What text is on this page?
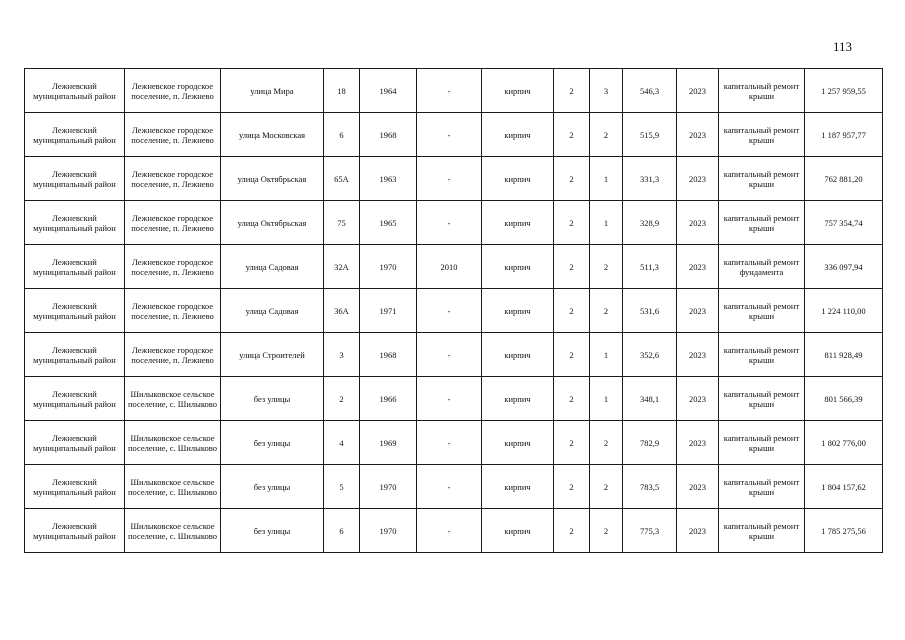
113
Лежневский муниципальный район	Лежневское городское поселение, п. Лежнево	улица Мира	18	1964	-	кирпич	2	3	546,3	2023	капитальный ремонт крыши	1 257 959,55
Лежневский муниципальный район	Лежневское городское поселение, п. Лежнево	улица Московская	6	1968	-	кирпич	2	2	515,9	2023	капитальный ремонт крыши	1 187 957,77
Лежневский муниципальный район	Лежневское городское поселение, п. Лежнево	улица Октябрьская	65А	1963	-	кирпич	2	1	331,3	2023	капитальный ремонт крыши	762 881,20
Лежневский муниципальный район	Лежневское городское поселение, п. Лежнево	улица Октябрьская	75	1965	-	кирпич	2	1	328,9	2023	капитальный ремонт крыши	757 354,74
Лежневский муниципальный район	Лежневское городское поселение, п. Лежнево	улица Садовая	32А	1970	2010	кирпич	2	2	511,3	2023	капитальный ремонт фундамента	336 097,94
Лежневский муниципальный район	Лежневское городское поселение, п. Лежнево	улица Садовая	36А	1971	-	кирпич	2	2	531,6	2023	капитальный ремонт крыши	1 224 110,00
Лежневский муниципальный район	Лежневское городское поселение, п. Лежнево	улица Строителей	3	1968	-	кирпич	2	1	352,6	2023	капитальный ремонт крыши	811 928,49
Лежневский муниципальный район	Шилыковское сельское поселение, с. Шилыково	без улицы	2	1966	-	кирпич	2	1	348,1	2023	капитальный ремонт крыши	801 566,39
Лежневский муниципальный район	Шилыковское сельское поселение, с. Шилыково	без улицы	4	1969	-	кирпич	2	2	782,9	2023	капитальный ремонт крыши	1 802 776,00
Лежневский муниципальный район	Шилыковское сельское поселение, с. Шилыково	без улицы	5	1970	-	кирпич	2	2	783,5	2023	капитальный ремонт крыши	1 804 157,62
Лежневский муниципальный район	Шилыковское сельское поселение, с. Шилыково	без улицы	6	1970	-	кирпич	2	2	775,3	2023	капитальный ремонт крыши	1 785 275,56
